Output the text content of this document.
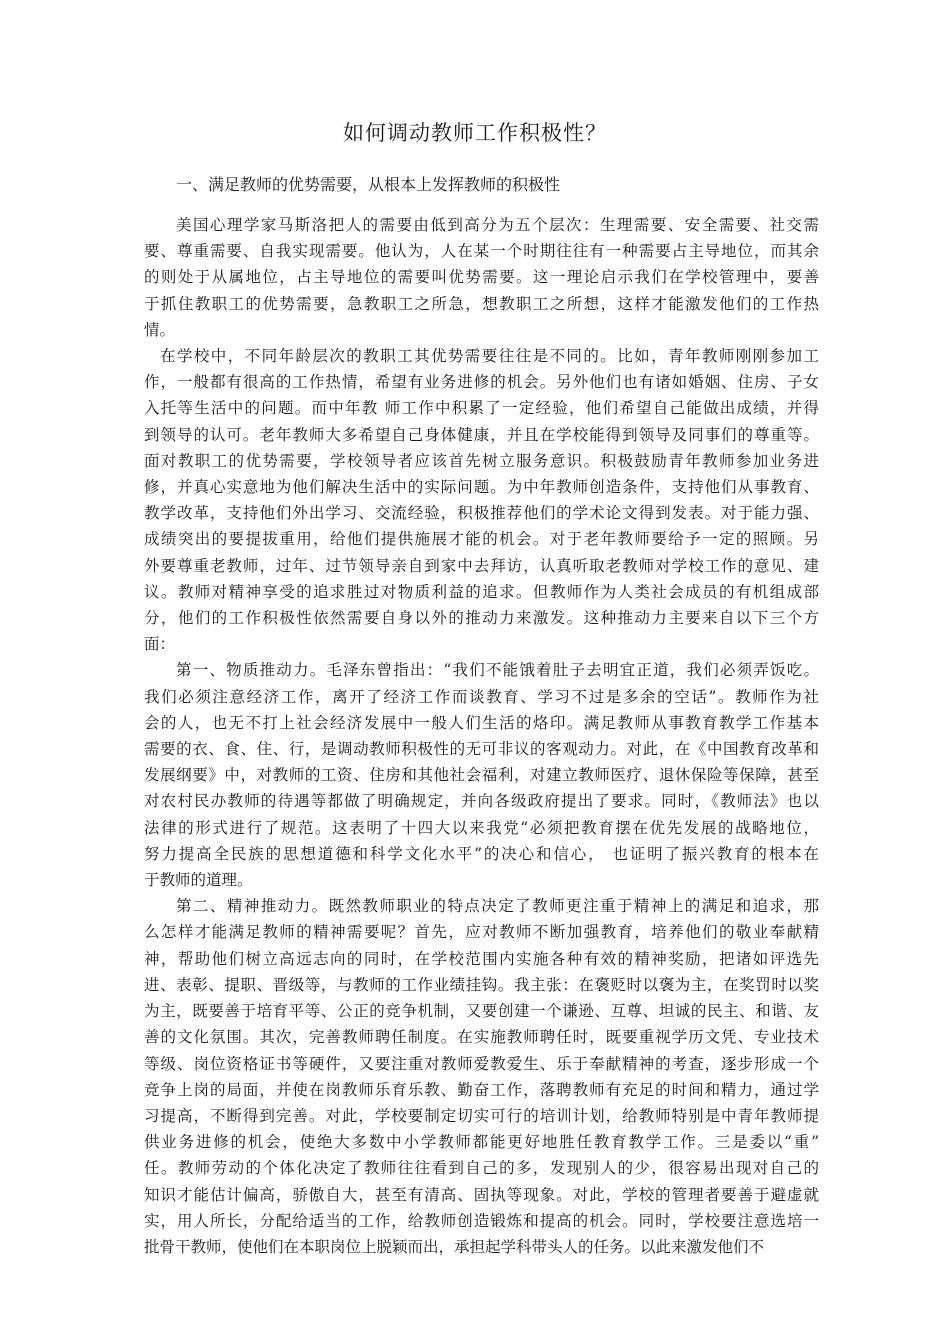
如何调动教师工作积极性？
一、满足教师的优势需要，从根本上发挥教师的积极性
美国心理学家马斯洛把人的需要由低到高分为五个层次：生理需要、安全需要、社交需
要、尊重需要、自我实现需要。他认为，人在某一个时期往往有一种需要占主导地位，而其余
的则处于从属地位，占主导地位的需要叫优势需要。这一理论启示我们在学校管理中，要善
于抓住教职工的优势需要，急教职工之所急，想教职工之所想，这样才能激发他们的工作热
情。
在学校中，不同年龄层次的教职工其优势需要往往是不同的。比如，青年教师刚刚参加工
作，一般都有很高的工作热情，希望有业务进修的机会。另外他们也有诸如婚姻、住房、子女
入托等生活中的问题。而中年教 师工作中积累了一定经验，他们希望自己能做出成绩，并得
到领导的认可。老年教师大多希望自己身体健康，并且在学校能得到领导及同事们的尊重等。
面对教职工的优势需要，学校领导者应该首先树立服务意识。积极鼓励青年教师参加业务进
修，并真心实意地为他们解决生活中的实际问题。为中年教师创造条件，支持他们从事教育、
教学改革，支持他们外出学习、交流经验，积极推荐他们的学术论文得到发表。对于能力强、
成绩突出的要提拔重用，给他们提供施展才能的机会。对于老年教师要给予一定的照顾。另
外要尊重老教师，过年、过节领导亲自到家中去拜访，认真听取老教师对学校工作的意见、建
议。教师对精神享受的追求胜过对物质利益的追求。但教师作为人类社会成员的有机组成部
分，他们的工作积极性依然需要自身以外的推动力来激发。这种推动力主要来自以下三个方
面：
第一、物质推动力。毛泽东曾指出：“我们不能饿着肚子去明宜正道，我们必须弄饭吃。
我们必须注意经济工作，离开了经济工作而谈教育、学习不过是多余的空话”。教师作为社
会的人，也无不打上社会经济发展中一般人们生活的烙印。满足教师从事教育教学工作基本
需要的衣、食、住、行，是调动教师积极性的无可非议的客观动力。对此，在《中国教育改革和
发展纲要》中，对教师的工资、住房和其他社会福利，对建立教师医疗、退休保险等保障，甚至
对农村民办教师的待遇等都做了明确规定，并向各级政府提出了要求。同时，《教师法》也以
法律的形式进行了规范。这表明了十四大以来我党“必须把教育摆在优先发展的战略地位，
努力提高全民族的思想道德和科学文化水平”的决心和信心， 也证明了振兴教育的根本在
于教师的道理。
第二、精神推动力。既然教师职业的特点决定了教师更注重于精神上的满足和追求，那
么怎样才能满足教师的精神需要呢？首先，应对教师不断加强教育，培养他们的敬业奉献精
神，帮助他们树立高远志向的同时，在学校范围内实施各种有效的精神奖励，把诸如评选先
进、表彰、提职、晋级等，与教师的工作业绩挂钩。我主张：在褒贬时以褒为主，在奖罚时以奖
为主，既要善于培育平等、公正的竞争机制，又要创建一个谦逊、互尊、坦诚的民主、和谐、友
善的文化氛围。其次，完善教师聘任制度。在实施教师聘任时，既要重视学历文凭、专业技术
等级、岗位资格证书等硬件，又要注重对教师爱教爱生、乐于奉献精神的考查，逐步形成一个
竞争上岗的局面，并使在岗教师乐育乐教、勤奋工作，落聘教师有充足的时间和精力，通过学
习提高，不断得到完善。对此，学校要制定切实可行的培训计划，给教师特别是中青年教师提
供业务进修的机会，使绝大多数中小学教师都能更好地胜任教育教学工作。三是委以“重”
任。教师劳动的个体化决定了教师往往看到自己的多，发现别人的少，很容易出现对自己的
知识才能估计偏高，骄傲自大，甚至有清高、固执等现象。对此，学校的管理者要善于避虚就
实，用人所长，分配给适当的工作，给教师创造锻炼和提高的机会。同时，学校要注意选培一
批骨干教师，使他们在本职岗位上脱颖而出，承担起学科带头人的任务。以此来激发他们不
